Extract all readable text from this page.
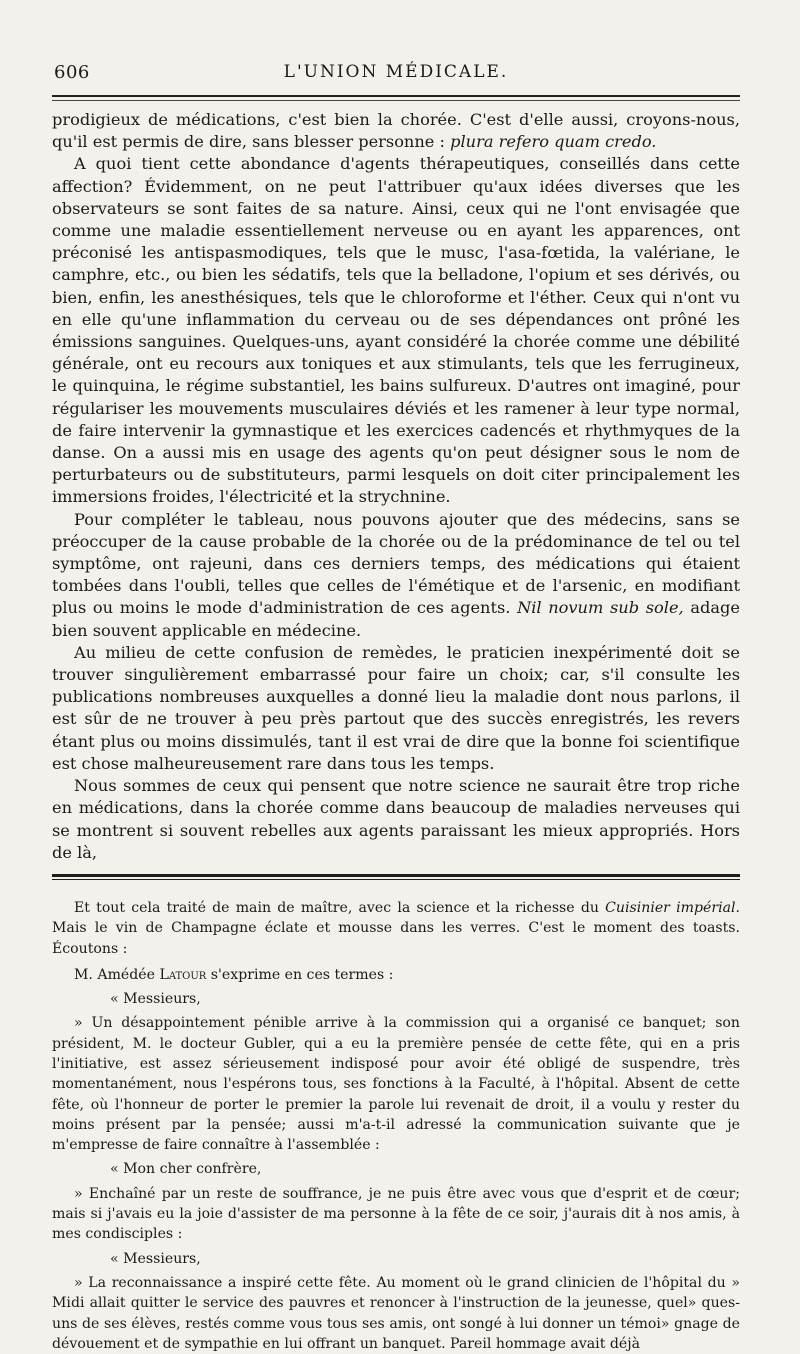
606	L'UNION MÉDICALE.

prodigieux de médications, c'est bien la chorée. C'est d'elle aussi, croyons-nous, qu'il est permis de dire, sans blesser personne : plura refero quam credo.

A quoi tient cette abondance d'agents thérapeutiques, conseillés dans cette affection? Évidemment, on ne peut l'attribuer qu'aux idées diverses que les observateurs se sont faites de sa nature. Ainsi, ceux qui ne l'ont envisagée que comme une maladie essentiellement nerveuse ou en ayant les apparences, ont préconisé les antispasmodiques, tels que le musc, l'asa-fœtida, la valériane, le camphre, etc., ou bien les sédatifs, tels que la belladone, l'opium et ses dérivés, ou bien, enfin, les anesthésiques, tels que le chloroforme et l'éther. Ceux qui n'ont vu en elle qu'une inflammation du cerveau ou de ses dépendances ont prôné les émissions sanguines. Quelques-uns, ayant considéré la chorée comme une débilité générale, ont eu recours aux toniques et aux stimulants, tels que les ferrugineux, le quinquina, le régime substantiel, les bains sulfureux. D'autres ont imaginé, pour régulariser les mouvements musculaires déviés et les ramener à leur type normal, de faire intervenir la gymnastique et les exercices cadencés et rhythmyques de la danse. On a aussi mis en usage des agents qu'on peut désigner sous le nom de perturbateurs ou de substituteurs, parmi lesquels on doit citer principalement les immersions froides, l'électricité et la strychnine.

Pour compléter le tableau, nous pouvons ajouter que des médecins, sans se préoccuper de la cause probable de la chorée ou de la prédominance de tel ou tel symptôme, ont rajeuni, dans ces derniers temps, des médications qui étaient tombées dans l'oubli, telles que celles de l'émétique et de l'arsenic, en modifiant plus ou moins le mode d'administration de ces agents. Nil novum sub sole, adage bien souvent applicable en médecine.

Au milieu de cette confusion de remèdes, le praticien inexpérimenté doit se trouver singulièrement embarrassé pour faire un choix; car, s'il consulte les publications nombreuses auxquelles a donné lieu la maladie dont nous parlons, il est sûr de ne trouver à peu près partout que des succès enregistrés, les revers étant plus ou moins dissimulés, tant il est vrai de dire que la bonne foi scientifique est chose malheureusement rare dans tous les temps.

Nous sommes de ceux qui pensent que notre science ne saurait être trop riche en médications, dans la chorée comme dans beaucoup de maladies nerveuses qui se montrent si souvent rebelles aux agents paraissant les mieux appropriés. Hors de là,

Et tout cela traité de main de maître, avec la science et la richesse du Cuisinier impérial. Mais le vin de Champagne éclate et mousse dans les verres. C'est le moment des toasts. Écoutons :

M. Amédée Latour s'exprime en ces termes :

« Messieurs,

» Un désappointement pénible arrive à la commission qui a organisé ce banquet; son président, M. le docteur Gubler, qui a eu la première pensée de cette fête, qui en a pris l'initiative, est assez sérieusement indisposé pour avoir été obligé de suspendre, très momentanément, nous l'espérons tous, ses fonctions à la Faculté, à l'hôpital. Absent de cette fête, où l'honneur de porter le premier la parole lui revenait de droit, il a voulu y rester du moins présent par la pensée; aussi m'a-t-il adressé la communication suivante que je m'empresse de faire connaître à l'assemblée :

« Mon cher confrère,

» Enchaîné par un reste de souffrance, je ne puis être avec vous que d'esprit et de cœur; mais si j'avais eu la joie d'assister de ma personne à la fête de ce soir, j'aurais dit à nos amis, à mes condisciples :

« Messieurs,

» La reconnaissance a inspiré cette fête. Au moment où le grand clinicien de l'hôpital du » Midi allait quitter le service des pauvres et renoncer à l'instruction de la jeunesse, quel» ques-uns de ses élèves, restés comme vous tous ses amis, ont songé à lui donner un témoi» gnage de dévouement et de sympathie en lui offrant un banquet. Pareil hommage avait déjà
